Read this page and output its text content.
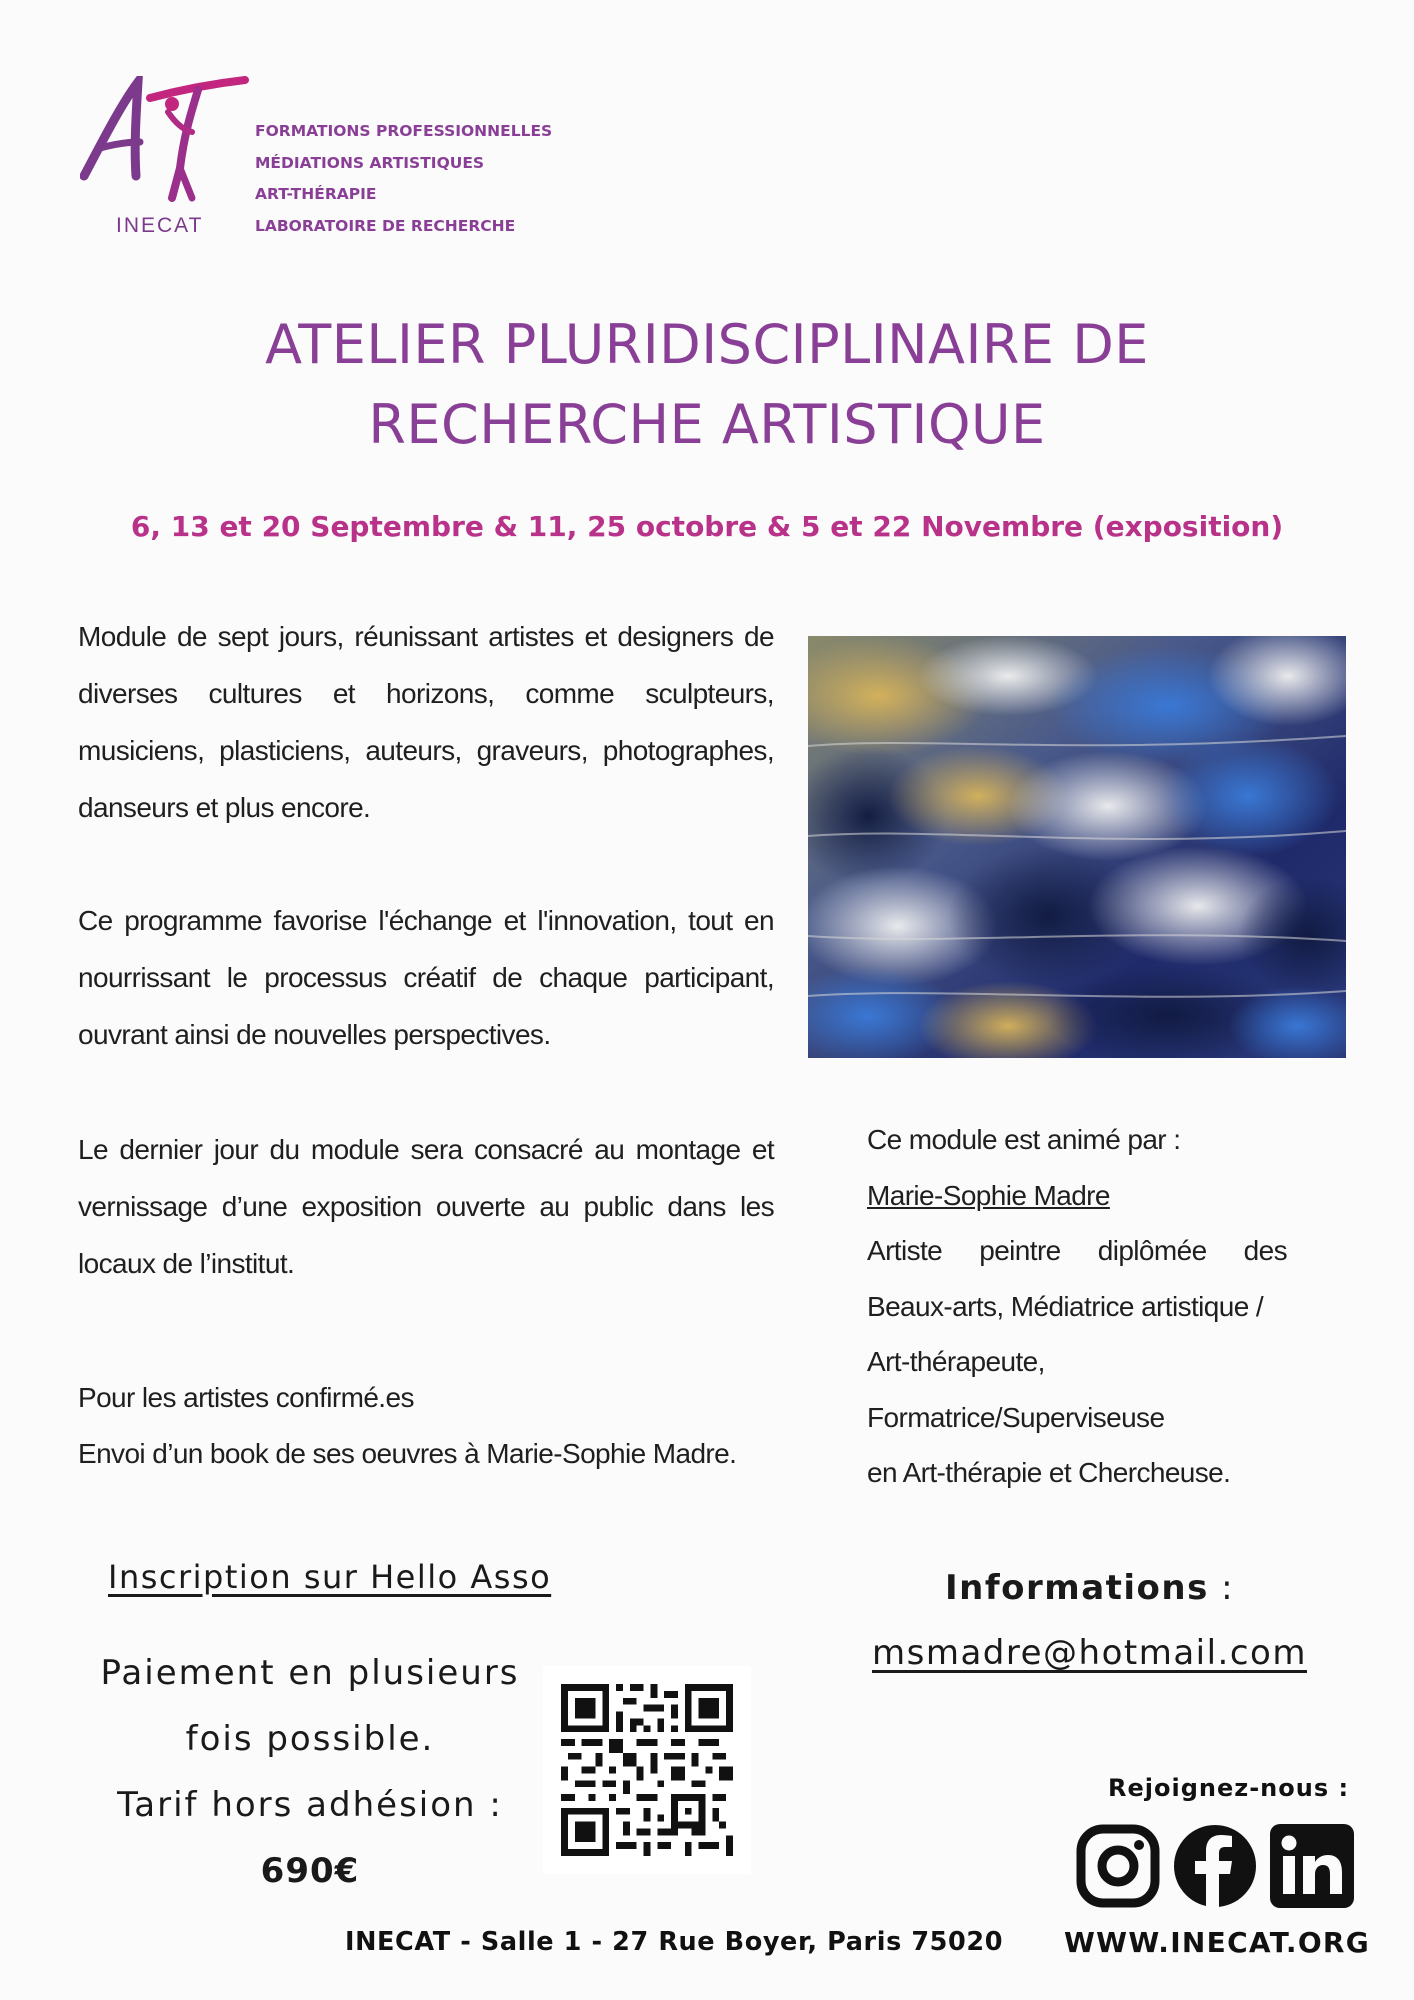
INECAT
FORMATIONS PROFESSIONNELLES
MÉDIATIONS ARTISTIQUES
ART-THÉRAPIE
LABORATOIRE DE RECHERCHE
ATELIER PLURIDISCIPLINAIRE DE
RECHERCHE ARTISTIQUE
6, 13 et 20 Septembre & 11, 25 octobre & 5 et 22 Novembre (exposition)
Module de sept jours, réunissant artistes et designers de diverses cultures et horizons, comme sculpteurs, musiciens, plasticiens, auteurs, graveurs, photographes, danseurs et plus encore.
Ce programme favorise l'échange et l'innovation, tout en nourrissant le processus créatif de chaque participant, ouvrant ainsi de nouvelles perspectives.
Le dernier jour du module sera consacré au montage et vernissage d’une exposition ouverte au public dans les locaux de l’institut.
Pour les artistes confirmé.es
Envoi d’un book de ses oeuvres à Marie-Sophie Madre.
Ce module est animé par :
Marie-Sophie Madre
Artiste peintre diplômée des
Beaux-arts, Médiatrice artistique /
Art-thérapeute,
Formatrice/Superviseuse
en Art-thérapie et Chercheuse.
Inscription sur Hello Asso
Paiement en plusieurs
fois possible.
Tarif hors adhésion :
690€
Informations :
msmadre@hotmail.com
Rejoignez-nous :
INECAT - Salle 1 - 27 Rue Boyer, Paris 75020 WWW.INECAT.ORG
